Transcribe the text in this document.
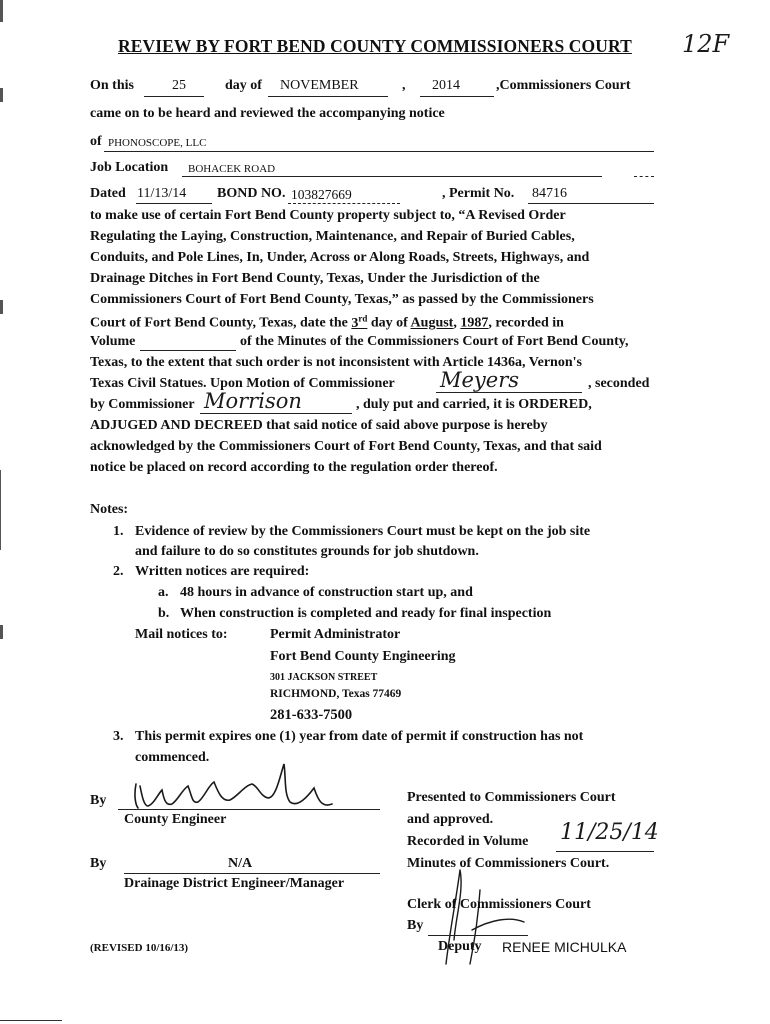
REVIEW BY FORT BEND COUNTY COMMISSIONERS COURT 12F
On this	25	day of NOVEMBER	, 2014	,Commissioners Court
came on to be heard and reviewed the accompanying notice
of PHONOSCOPE, LLC
Job Location BOHACEK ROAD
Dated 11/13/14 BOND NO. 103827669	, Permit No. 84716
to make use of certain Fort Bend County property subject to, “A Revised Order
Regulating the Laying, Construction, Maintenance, and Repair of Buried Cables,
Conduits, and Pole Lines, In, Under, Across or Along Roads, Streets, Highways, and
Drainage Ditches in Fort Bend County, Texas, Under the Jurisdiction of the
Commissioners Court of Fort Bend County, Texas,” as passed by the Commissioners
Court of Fort Bend County, Texas, date the 3rd day of August, 1987, recorded in
Volume	of the Minutes of the Commissioners Court of Fort Bend County,
Texas, to the extent that such order is not inconsistent with Article 1436a, Vernon's
Texas Civil Statues. Upon Motion of Commissioner Meyers	, seconded
by Commissioner Morrison	, duly put and carried, it is ORDERED,
ADJUGED AND DECREED that said notice of said above purpose is hereby
acknowledged by the Commissioners Court of Fort Bend County, Texas, and that said
notice be placed on record according to the regulation order thereof.
Notes:
1. Evidence of review by the Commissioners Court must be kept on the job site
and failure to do so constitutes grounds for job shutdown.
2. Written notices are required:
a. 48 hours in advance of construction start up, and
b. When construction is completed and ready for final inspection
Mail notices to:	Permit Administrator
Fort Bend County Engineering
301 JACKSON STREET
RICHMOND, Texas 77469
281-633-7500
3. This permit expires one (1) year from date of permit if construction has not
commenced.
By
County Engineer
By	N/A
Drainage District Engineer/Manager
Presented to Commissioners Court
and approved.
Recorded in Volume 11/25/14
Minutes of Commissioners Court.
Clerk of Commissioners Court
By
Deputy RENEE MICHULKA
(REVISED 10/16/13)
